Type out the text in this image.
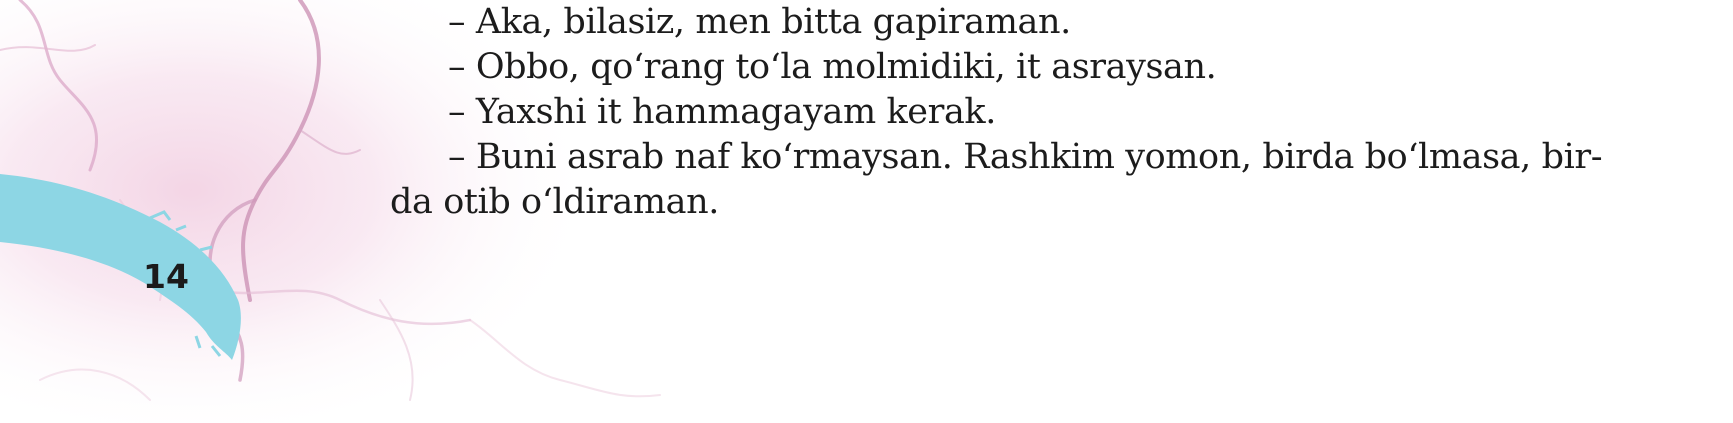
14

– Aka, bilasiz, men bitta gapiraman.

– Obbo, qo‘rang to‘la molmidiki, it asraysan.

– Yaxshi it hammagayam kerak.

– Buni asrab naf ko‘rmaysan. Rashkim yomon, birda bo‘lmasa, bir-

da otib o‘ldiraman.
